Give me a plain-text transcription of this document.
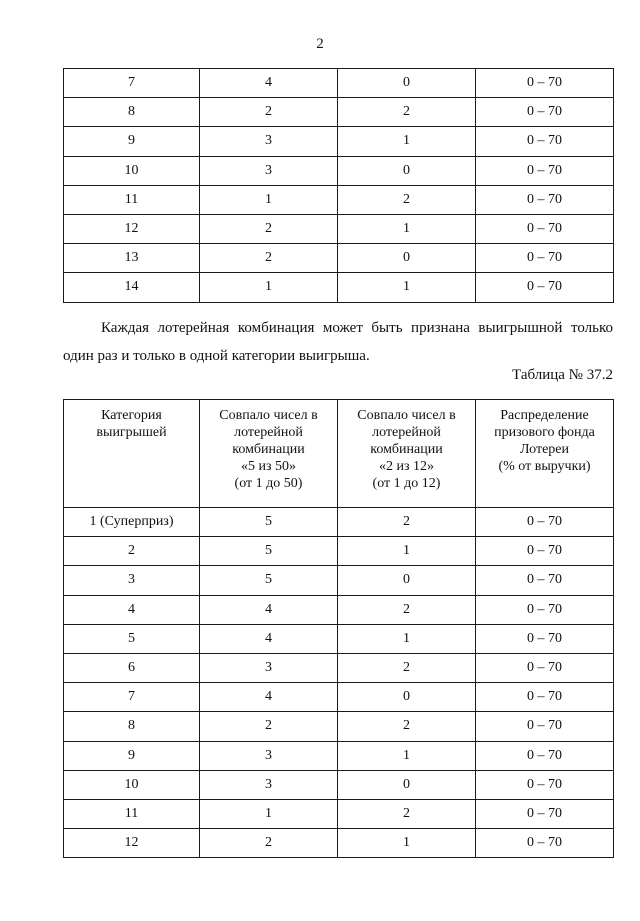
2
7	4	0	0 – 70
8	2	2	0 – 70
9	3	1	0 – 70
10	3	0	0 – 70
11	1	2	0 – 70
12	2	1	0 – 70
13	2	0	0 – 70
14	1	1	0 – 70
Каждая лотерейная комбинация может быть признана выигрышной только один раз и только в одной категории выигрыша.
Таблица № 37.2
Категория
выигрышей	Совпало чисел в
лотерейной
комбинации
«5 из 50»
(от 1 до 50)	Совпало чисел в
лотерейной
комбинации
«2 из 12»
(от 1 до 12)	Распределение
призового фонда
Лотереи
(% от выручки)
1 (Суперприз)	5	2	0 – 70
2	5	1	0 – 70
3	5	0	0 – 70
4	4	2	0 – 70
5	4	1	0 – 70
6	3	2	0 – 70
7	4	0	0 – 70
8	2	2	0 – 70
9	3	1	0 – 70
10	3	0	0 – 70
11	1	2	0 – 70
12	2	1	0 – 70
